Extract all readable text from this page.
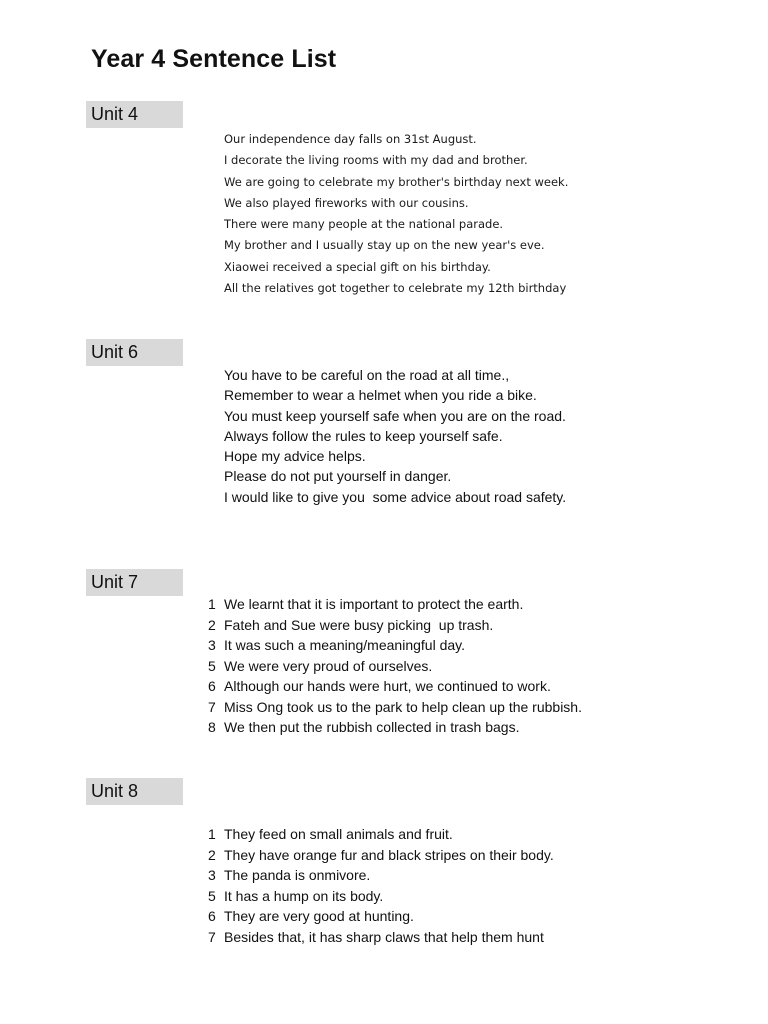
Year 4 Sentence List
Unit 4
Our independence day falls on 31st August.
I decorate the living rooms with my dad and brother.
We are going to celebrate my brother's birthday next week.
We also played fireworks with our cousins.
There were many people at the national parade.
My brother and I usually stay up on the new year's eve.
Xiaowei received a special gift on his birthday.
All the relatives got together to celebrate my 12th birthday
Unit 6
You have to be careful on the road at all time.,
Remember to wear a helmet when you ride a bike.
You must keep yourself safe when you are on the road.
Always follow the rules to keep yourself safe.
Hope my advice helps.
Please do not put yourself in danger.
I would like to give you  some advice about road safety.
Unit 7
1 We learnt that it is important to protect the earth.
2 Fateh and Sue were busy picking  up trash.
3 It was such a meaning/meaningful day.
5 We were very proud of ourselves.
6 Although our hands were hurt, we continued to work.
7 Miss Ong took us to the park to help clean up the rubbish.
8 We then put the rubbish collected in trash bags.
Unit 8
1 They feed on small animals and fruit.
2 They have orange fur and black stripes on their body.
3 The panda is onmivore.
5 It has a hump on its body.
6 They are very good at hunting.
7 Besides that, it has sharp claws that help them hunt
